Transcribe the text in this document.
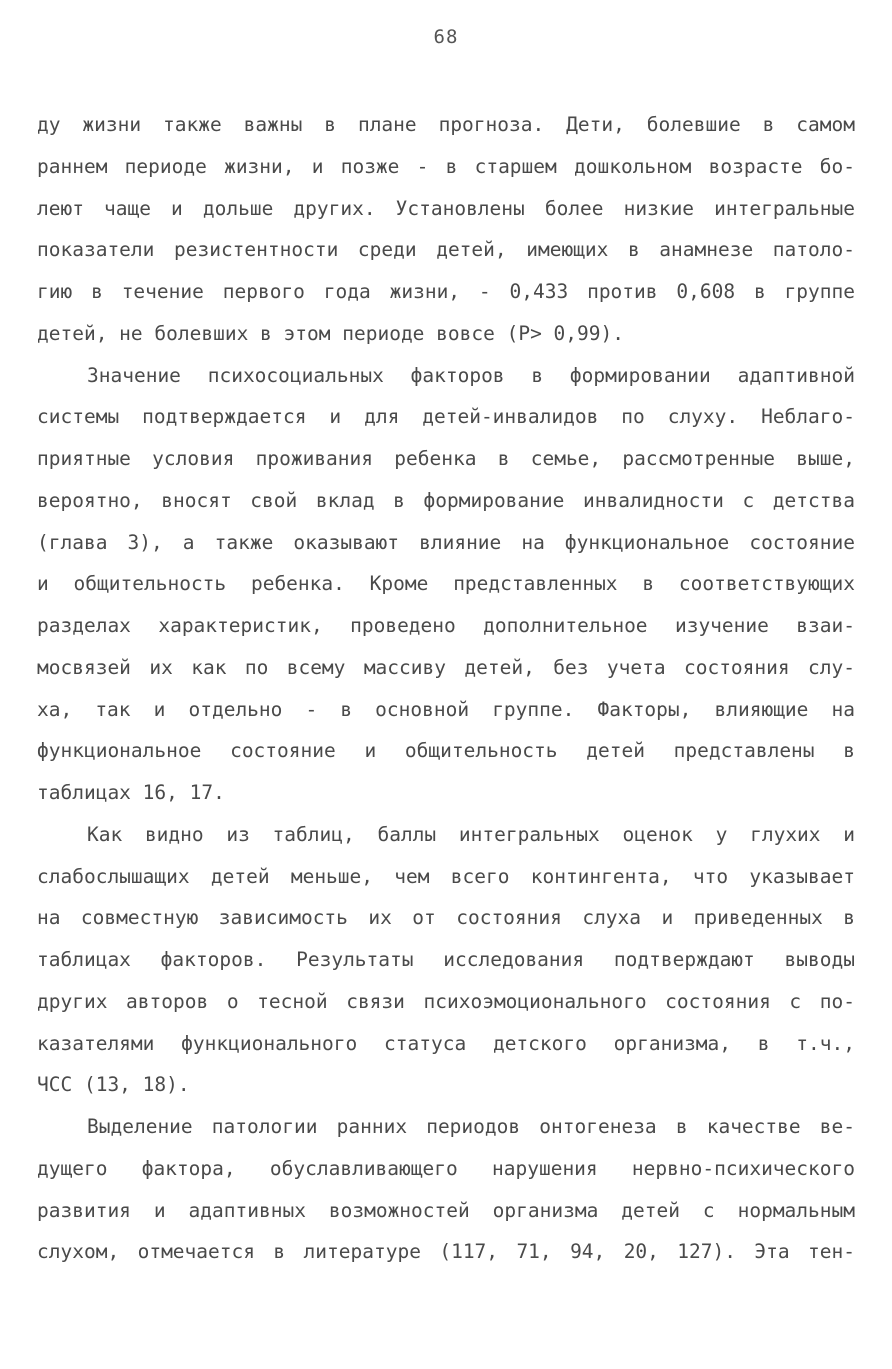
68
ду жизни также важны в плане прогноза. Дети, болевшие в самом
раннем периоде жизни, и позже - в старшем дошкольном возрасте бо-
леют чаще и дольше других. Установлены более низкие интегральные
показатели резистентности среди детей, имеющих в анамнезе патоло-
гию в течение первого года жизни, - 0,433 против 0,608 в группе
детей, не болевших в этом периоде вовсе (Р> 0,99).
Значение психосоциальных факторов в формировании адаптивной
системы подтверждается и для детей-инвалидов по слуху. Неблаго-
приятные условия проживания ребенка в семье, рассмотренные выше,
вероятно, вносят свой вклад в формирование инвалидности с детства
(глава 3), а также оказывают влияние на функциональное состояние
и общительность ребенка. Кроме представленных в соответствующих
разделах характеристик, проведено дополнительное изучение взаи-
мосвязей их как по всему массиву детей, без учета состояния слу-
ха, так и отдельно - в основной группе. Факторы, влияющие на
функциональное состояние и общительность детей представлены в
таблицах 16, 17.
Как видно из таблиц, баллы интегральных оценок у глухих и
слабослышащих детей меньше, чем всего контингента, что указывает
на совместную зависимость их от состояния слуха и приведенных в
таблицах факторов. Результаты исследования подтверждают выводы
других авторов о тесной связи психоэмоционального состояния с по-
казателями функционального статуса детского организма, в т.ч.,
ЧСС (13, 18).
Выделение патологии ранних периодов онтогенеза в качестве ве-
дущего фактора, обуславливающего нарушения нервно-психического
развития и адаптивных возможностей организма детей с нормальным
слухом, отмечается в литературе (117, 71, 94, 20, 127). Эта тен-
